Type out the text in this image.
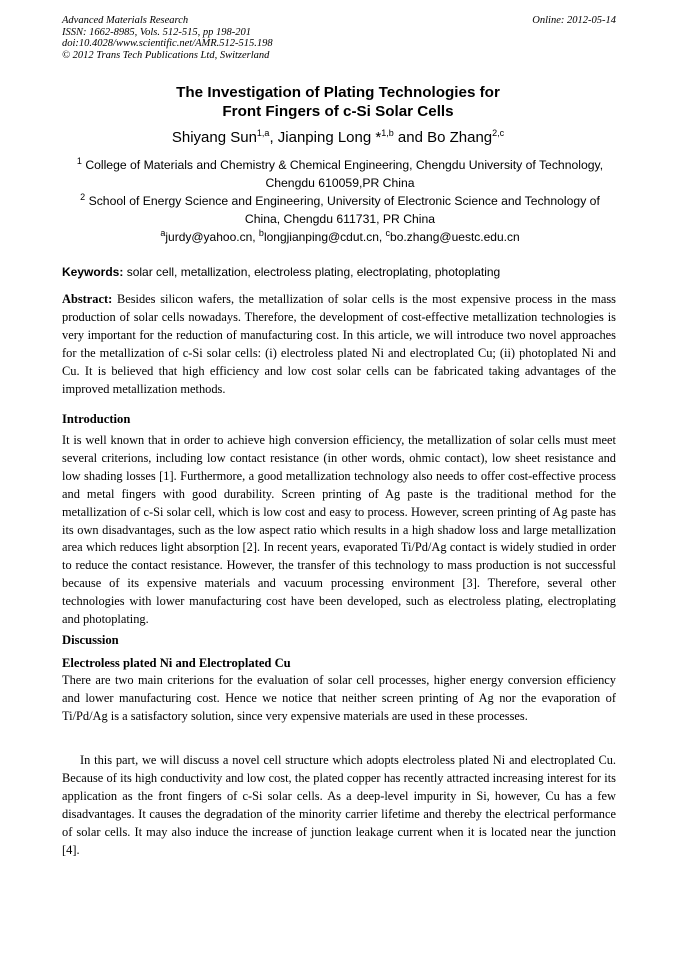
Advanced Materials Research
ISSN: 1662-8985, Vols. 512-515, pp 198-201
doi:10.4028/www.scientific.net/AMR.512-515.198
© 2012 Trans Tech Publications Ltd, Switzerland
Online: 2012-05-14
The Investigation of Plating Technologies for
Front Fingers of c-Si Solar Cells
Shiyang Sun$^{1,a}$, Jianping Long *$^{1,b}$ and Bo Zhang$^{2,c}$
$^1$ College of Materials and Chemistry & Chemical Engineering, Chengdu University of Technology, Chengdu 610059,PR China
$^2$ School of Energy Science and Engineering, University of Electronic Science and Technology of China, Chengdu 611731, PR China
$^a$jurdy@yahoo.cn, $^b$longjianping@cdut.cn, $^c$bo.zhang@uestc.edu.cn
Keywords: solar cell, metallization, electroless plating, electroplating, photoplating
Abstract: Besides silicon wafers, the metallization of solar cells is the most expensive process in the mass production of solar cells nowadays. Therefore, the development of cost-effective metallization technologies is very important for the reduction of manufacturing cost. In this article, we will introduce two novel approaches for the metallization of c-Si solar cells: (i) electroless plated Ni and electroplated Cu; (ii) photoplated Ni and Cu. It is believed that high efficiency and low cost solar cells can be fabricated taking advantages of the improved metallization methods.
Introduction
It is well known that in order to achieve high conversion efficiency, the metallization of solar cells must meet several criterions, including low contact resistance (in other words, ohmic contact), low sheet resistance and low shading losses [1]. Furthermore, a good metallization technology also needs to offer cost-effective process and metal fingers with good durability. Screen printing of Ag paste is the traditional method for the metallization of c-Si solar cell, which is low cost and easy to process. However, screen printing of Ag paste has its own disadvantages, such as the low aspect ratio which results in a high shadow loss and large metallization area which reduces light absorption [2]. In recent years, evaporated Ti/Pd/Ag contact is widely studied in order to reduce the contact resistance. However, the transfer of this technology to mass production is not successful because of its expensive materials and vacuum processing environment [3]. Therefore, several other technologies with lower manufacturing cost have been developed, such as electroless plating, electroplating and photoplating.
Discussion
Electroless plated Ni and Electroplated Cu
There are two main criterions for the evaluation of solar cell processes, higher energy conversion efficiency and lower manufacturing cost. Hence we notice that neither screen printing of Ag nor the evaporation of Ti/Pd/Ag is a satisfactory solution, since very expensive materials are used in these processes.
In this part, we will discuss a novel cell structure which adopts electroless plated Ni and electroplated Cu. Because of its high conductivity and low cost, the plated copper has recently attracted increasing interest for its application as the front fingers of c-Si solar cells. As a deep-level impurity in Si, however, Cu has a few disadvantages. It causes the degradation of the minority carrier lifetime and thereby the electrical performance of solar cells. It may also induce the increase of junction leakage current when it is located near the junction [4].
